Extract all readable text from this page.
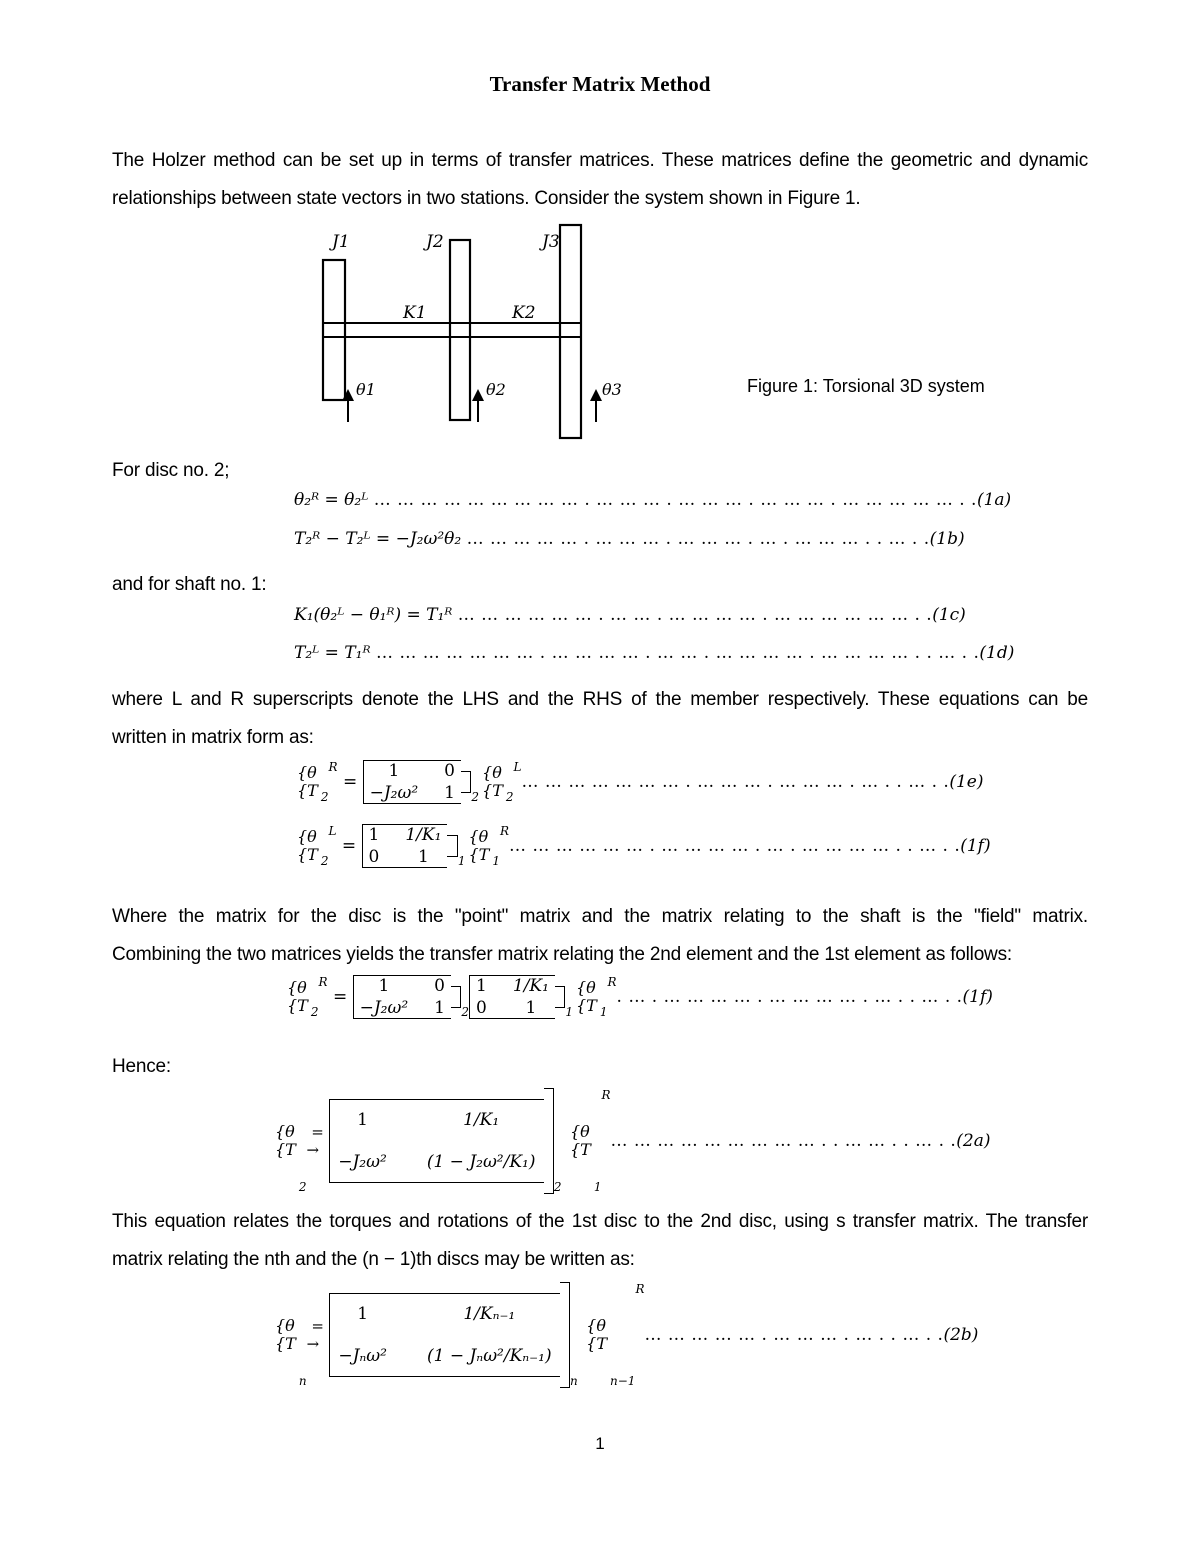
Transfer Matrix Method
The Holzer method can be set up in terms of transfer matrices. These matrices define the geometric and dynamic
relationships between state vectors in two stations. Consider the system shown in Figure 1.
J1	J2	J3
K1	K2
θ1	θ2	θ3	Figure 1: Torsional 3D system
For disc no. 2;
θ₂ᴿ = θ₂ᴸ
… … … … … … … … … . … … … . … … … . … … … . … … … … … . . (1a)
T₂ᴿ − T₂ᴸ = −J₂ω²θ₂
… … … … … . … … … . … … … . … . … … … . . … . . (1b)
and for shaft no. 1:
K₁(θ₂ᴸ − θ₁ᴿ) = T₁ᴿ
… … … … … … . … … . … … … … . … … … … … … . . (1c)
T₂ᴸ = T₁ᴿ
… … … … … … … . … … … … . … … . … … … … . … … … … . . … . . (1d)
where L and R superscripts denote the LHS and the RHS of the member respectively. These equations can be
written in matrix form as:
{θ
{T 2
R
=
1	0
−J₂ω² 1
2
{θ
{T 2
L
… … … … … … … . … … … . … … … . … . . … . . (1e)
{θ
{T 2
L
=
1 1/K₁
0	1
	1
{θ
{T 1
R
… … … … … … . … … … … . … . … … … … . . … . . (1f)
Where the matrix for the disc is the "point" matrix and the matrix relating to the shaft is the "field" matrix.
Combining the two matrices yields the transfer matrix relating the 2nd element and the 1st element as follows:
{θ
{T 2
R
=
1	0
−J₂ω² 1
2
1 1/K₁
0	1
	1
{θ
{T 1
R
. … . … … … … . … … … … . … . . … . . (1f)
Hence:
{θ
{T
2
=
→

1	1/K₁
−J₂ω² (1 − J₂ω²/K₁)

2

{θ
{T
1
R
… … … … … … … … … . . … … . . … . . (2a)
This equation relates the torques and rotations of the 1st disc to the 2nd disc, using s transfer matrix. The transfer
matrix relating the nth and the (n − 1)th discs may be written as:
{θ
{T
n
=
→

1	1/Kₙ₋₁
−Jₙω² (1 − Jₙω²/Kₙ₋₁)

n

{θ
{T
n−1
R
… … … … … . … … … . … . . … . . (2b)
1
